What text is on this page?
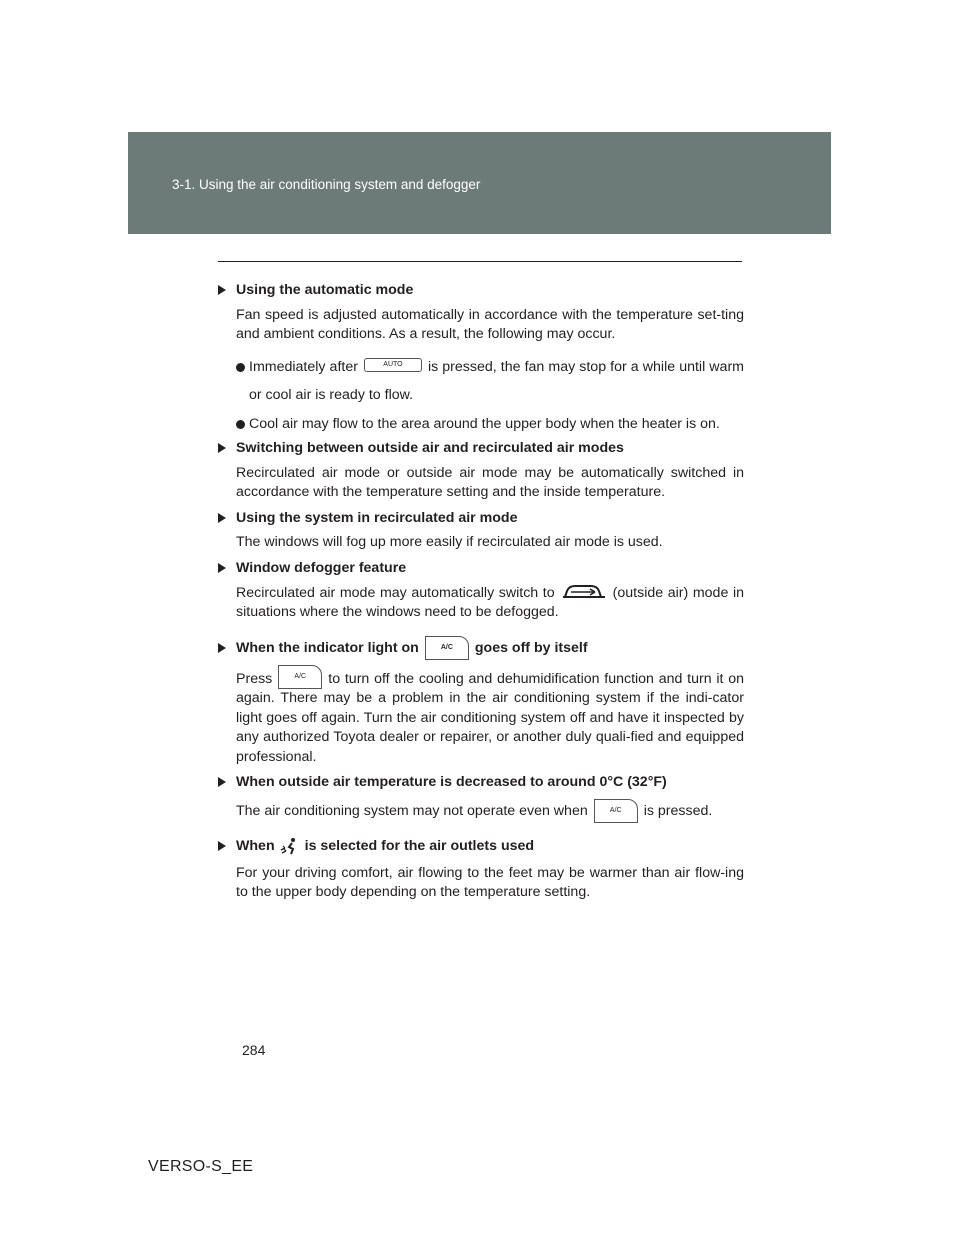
3-1. Using the air conditioning system and defogger
Using the automatic mode

Fan speed is adjusted automatically in accordance with the temperature set-ting and ambient conditions. As a result, the following may occur.

Immediately after	AUTO is pressed, the fan may stop for a while until warm or cool air is ready to flow.
Cool air may flow to the area around the upper body when the heater is on.
Switching between outside air and recirculated air modes

Recirculated air mode or outside air mode may be automatically switched in accordance with the temperature setting and the inside temperature.

Using the system in recirculated air mode

The windows will fog up more easily if recirculated air mode is used.

Window defogger feature

Recirculated air mode may automatically switch to	(outside air) mode in situations where the windows need to be defogged.

When the indicator light on	A/C goes off by itself

Press	A/C to turn off the cooling and dehumidification function and turn it on again. There may be a problem in the air conditioning system if the indi-cator light goes off again. Turn the air conditioning system off and have it inspected by any authorized Toyota dealer or repairer, or another duly quali-fied and equipped professional.

When outside air temperature is decreased to around 0°C (32°F)

The air conditioning system may not operate even when	A/C is pressed.

When is selected for the air outlets used

For your driving comfort, air flowing to the feet may be warmer than air flow-ing to the upper body depending on the temperature setting.

284
VERSO-S_EE
